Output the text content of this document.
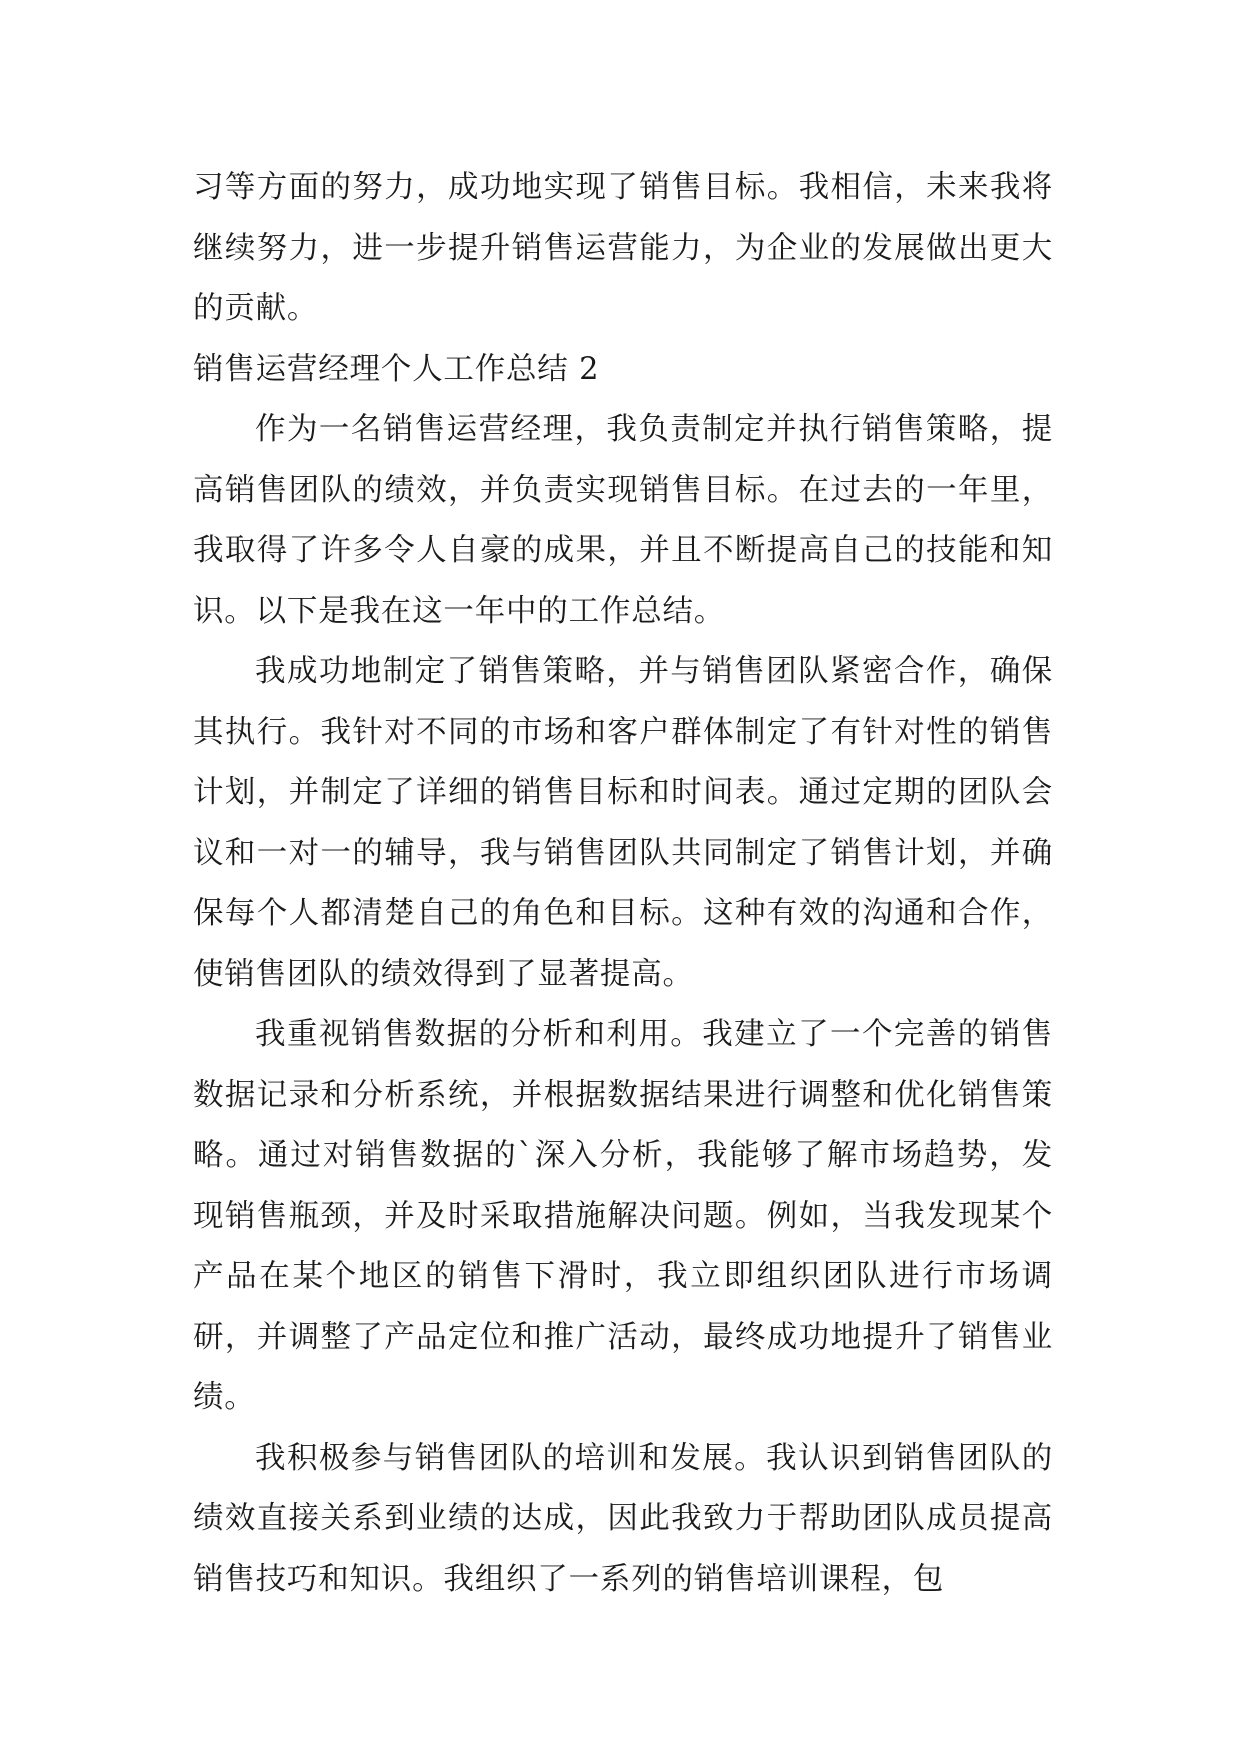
习等方面的努力，成功地实现了销售目标。我相信，未来我将继续努力，进一步提升销售运营能力，为企业的发展做出更大的贡献。

销售运营经理个人工作总结 2

作为一名销售运营经理，我负责制定并执行销售策略，提高销售团队的绩效，并负责实现销售目标。在过去的一年里，我取得了许多令人自豪的成果，并且不断提高自己的技能和知识。以下是我在这一年中的工作总结。

我成功地制定了销售策略，并与销售团队紧密合作，确保其执行。我针对不同的市场和客户群体制定了有针对性的销售计划，并制定了详细的销售目标和时间表。通过定期的团队会议和一对一的辅导，我与销售团队共同制定了销售计划，并确保每个人都清楚自己的角色和目标。这种有效的沟通和合作，使销售团队的绩效得到了显著提高。

我重视销售数据的分析和利用。我建立了一个完善的销售数据记录和分析系统，并根据数据结果进行调整和优化销售策略。通过对销售数据的`深入分析，我能够了解市场趋势，发现销售瓶颈，并及时采取措施解决问题。例如，当我发现某个产品在某个地区的销售下滑时，我立即组织团队进行市场调研，并调整了产品定位和推广活动，最终成功地提升了销售业绩。

我积极参与销售团队的培训和发展。我认识到销售团队的绩效直接关系到业绩的达成，因此我致力于帮助团队成员提高销售技巧和知识。我组织了一系列的销售培训课程，包
